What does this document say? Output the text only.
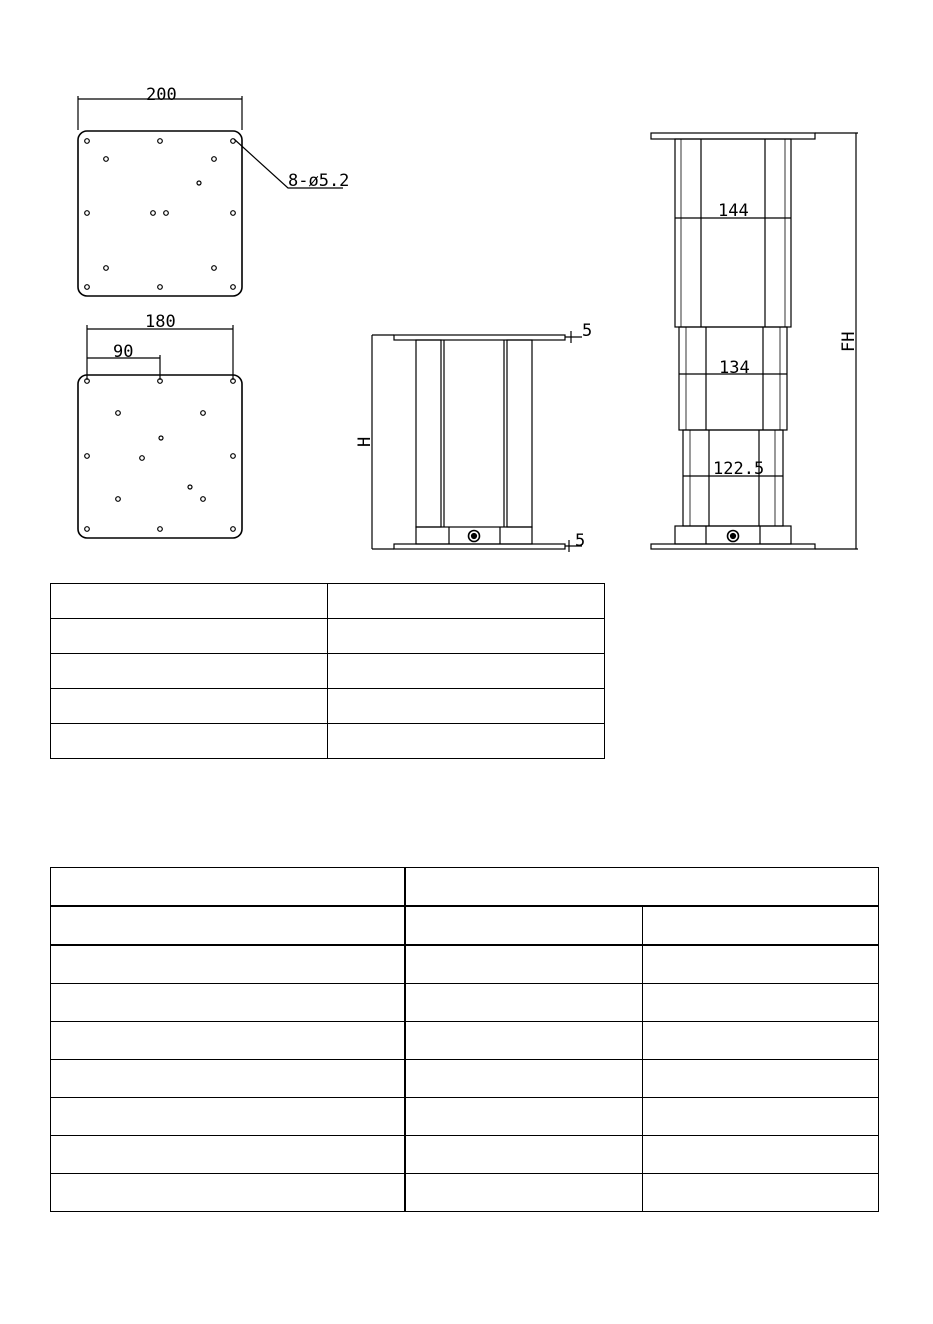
200
8-ø5.2
180
90
H
5
5
144
134
122.5
FH
